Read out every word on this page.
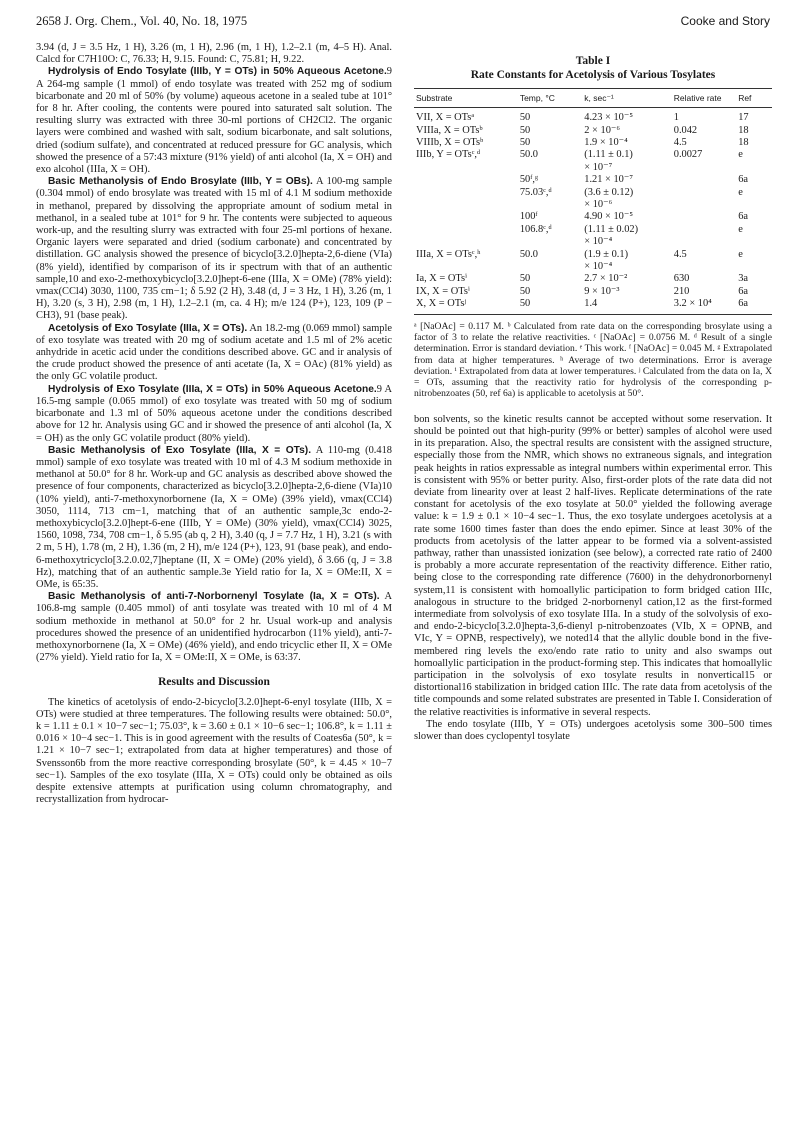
2658 J. Org. Chem., Vol. 40, No. 18, 1975	Cooke and Story

3.94 (d, J = 3.5 Hz, 1 H), 3.26 (m, 1 H), 2.96 (m, 1 H), 1.2–2.1 (m, 4–5 H). Anal. Calcd for C7H10O: C, 76.33; H, 9.15. Found: C, 75.81; H, 9.22.

Hydrolysis of Endo Tosylate (IIIb, Y = OTs) in 50% Aqueous Acetone.9 A 264-mg sample (1 mmol) of endo tosylate was treated with 252 mg of sodium bicarbonate and 20 ml of 50% (by volume) aqueous acetone in a sealed tube at 101° for 8 hr. After cooling, the contents were poured into saturated salt solution. The resulting slurry was extracted with three 30-ml portions of CH2Cl2. The organic layers were combined and washed with salt, sodium bicarbonate, and salt solutions, dried (sodium sulfate), and concentrated at reduced pressure for GC analysis, which showed the presence of a 57:43 mixture (91% yield) of anti alcohol (Ia, X = OH) and exo alcohol (IIIa, X = OH).

Basic Methanolysis of Endo Brosylate (IIIb, Y = OBs). A 100-mg sample (0.304 mmol) of endo brosylate was treated with 15 ml of 4.1 M sodium methoxide in methanol, prepared by dissolving the appropriate amount of sodium metal in methanol, in a sealed tube at 101° for 9 hr. The contents were subjected to aqueous work-up, and the resulting slurry was extracted with four 25-ml portions of hexane. Organic layers were separated and dried (sodium carbonate) and concentrated by distillation. GC analysis showed the presence of bicyclo[3.2.0]hepta-2,6-diene (VIa) (8% yield), identified by comparison of its ir spectrum with that of an authentic sample,10 and exo-2-methoxybicyclo[3.2.0]hept-6-ene (IIIa, X = OMe) (78% yield): νmax(CCl4) 3030, 1100, 735 cm−1; δ 5.92 (2 H), 3.48 (d, J = 3 Hz, 1 H), 3.26 (m, 1 H), 3.20 (s, 3 H), 2.98 (m, 1 H), 1.2–2.1 (m, ca. 4 H); m/e 124 (P+), 123, 109 (P − CH3), 91 (base peak).

Acetolysis of Exo Tosylate (IIIa, X = OTs). An 18.2-mg (0.069 mmol) sample of exo tosylate was treated with 20 mg of sodium acetate and 1.5 ml of 2% acetic anhydride in acetic acid under the conditions described above. GC and ir analysis of the crude product showed the presence of anti acetate (Ia, X = OAc) (81% yield) as the only GC volatile product.

Hydrolysis of Exo Tosylate (IIIa, X = OTs) in 50% Aqueous Acetone.9 A 16.5-mg sample (0.065 mmol) of exo tosylate was treated with 50 mg of sodium bicarbonate and 1.3 ml of 50% aqueous acetone under the conditions described above for 12 hr. Analysis using GC and ir showed the presence of anti alcohol (Ia, X = OH) as the only GC volatile product (80% yield).

Basic Methanolysis of Exo Tosylate (IIIa, X = OTs). A 110-mg (0.418 mmol) sample of exo tosylate was treated with 10 ml of 4.3 M sodium methoxide in methanol at 50.0° for 8 hr. Work-up and GC analysis as described above showed the presence of four components, characterized as bicyclo[3.2.0]hepta-2,6-diene (VIa)10 (10% yield), anti-7-methoxynorbornene (Ia, X = OMe) (39% yield), νmax(CCl4) 3050, 1114, 713 cm−1, matching that of an authentic sample,3c endo-2-methoxybicyclo[3.2.0]hept-6-ene (IIIb, Y = OMe) (30% yield), νmax(CCl4) 3025, 1560, 1098, 734, 708 cm−1, δ 5.95 (ab q, 2 H), 3.40 (q, J = 7.7 Hz, 1 H), 3.21 (s with 2 m, 5 H), 1.78 (m, 2 H), 1.36 (m, 2 H), m/e 124 (P+), 123, 91 (base peak), and endo-6-methoxytricyclo[3.2.0.02,7]heptane (II, X = OMe) (20% yield), δ 3.66 (q, J = 3.8 Hz), matching that of an authentic sample.3e Yield ratio for Ia, X = OMe:II, X = OMe, is 65:35.

Basic Methanolysis of anti-7-Norbornenyl Tosylate (Ia, X = OTs). A 106.8-mg sample (0.405 mmol) of anti tosylate was treated with 10 ml of 4 M sodium methoxide in methanol at 50.0° for 2 hr. Usual work-up and analysis procedures showed the presence of an unidentified hydrocarbon (11% yield), anti-7-methoxynorbornene (Ia, X = OMe) (46% yield), and endo tricyclic ether II, X = OMe (27% yield). Yield ratio for Ia, X = OMe:II, X = OMe, is 63:37.

Results and Discussion

The kinetics of acetolysis of endo-2-bicyclo[3.2.0]hept-6-enyl tosylate (IIIb, X = OTs) were studied at three temperatures. The following results were obtained: 50.0°, k = 1.11 ± 0.1 × 10−7 sec−1; 75.03°, k = 3.60 ± 0.1 × 10−6 sec−1; 106.8°, k = 1.11 ± 0.016 × 10−4 sec−1. This is in good agreement with the results of Coates6a (50°, k = 1.21 × 10−7 sec−1; extrapolated from data at higher temperatures) and those of Svensson6b from the more reactive corresponding brosylate (50°, k = 4.45 × 10−7 sec−1). Samples of the exo tosylate (IIIa, X = OTs) could only be obtained as oils despite extensive attempts at purification using column chromatography, and recrystallization from hydrocar-

Table I
Rate Constants for Acetolysis of Various Tosylates
Substrate	Temp, °C	k, sec⁻¹	Relative rate	Ref
VII, X = OTsᵃ	50	4.23 × 10⁻⁵	1	17
VIIIa, X = OTsᵇ	50	2 × 10⁻⁶	0.042	18
VIIIb, X = OTsᵇ	50	1.9 × 10⁻⁴	4.5	18
IIIb, Y = OTsᶜ,ᵈ	50.0	(1.11 ± 0.1)	0.0027	e
		× 10⁻⁷		
	50ᶠ,ᵍ	1.21 × 10⁻⁷		6a
	75.03ᶜ,ᵈ	(3.6 ± 0.12)		e
		× 10⁻⁶		
	100ᶠ	4.90 × 10⁻⁵		6a
	106.8ᶜ,ᵈ	(1.11 ± 0.02)		e
		× 10⁻⁴		
IIIa, X = OTsᶜ,ʰ	50.0	(1.9 ± 0.1)	4.5	e
		× 10⁻⁴		
Ia, X = OTsⁱ	50	2.7 × 10⁻²	630	3a
IX, X = OTsⁱ	50	9 × 10⁻³	210	6a
X, X = OTsʲ	50	1.4	3.2 × 10⁴	6a
ᵃ [NaOAc] = 0.117 M. ᵇ Calculated from rate data on the corresponding brosylate using a factor of 3 to relate the relative reactivities. ᶜ [NaOAc] = 0.0756 M. ᵈ Result of a single determination. Error is standard deviation. ᵉ This work. ᶠ [NaOAc] = 0.045 M. ᵍ Extrapolated from data at higher temperatures. ʰ Average of two determinations. Error is average deviation. ⁱ Extrapolated from data at lower temperatures. ʲ Calculated from the data on Ia, X = OTs, assuming that the reactivity ratio for hydrolysis of the corresponding p-nitrobenzoates (50, ref 6a) is applicable to acetolysis at 50°.

bon solvents, so the kinetic results cannot be accepted without some reservation. It should be pointed out that high-purity (99% or better) samples of alcohol were used in its preparation. Also, the spectral results are consistent with the assigned structure, especially those from the NMR, which shows no extraneous signals, and integration peak heights in ratios expressable as integral numbers within experimental error. This is consistent with 95% or better purity. Also, first-order plots of the rate data did not deviate from linearity over at least 2 half-lives. Replicate determinations of the rate constant for acetolysis of the exo tosylate at 50.0° yielded the following average value: k = 1.9 ± 0.1 × 10−4 sec−1. Thus, the exo tosylate undergoes acetolysis at a rate some 1600 times faster than does the endo epimer. Since at least 30% of the products from acetolysis of the latter appear to be formed via a solvent-assisted pathway, rather than unassisted ionization (see below), a corrected rate ratio of 2400 is probably a more accurate representation of the reactivity difference. Either ratio, being close to the corresponding rate difference (7600) in the dehydronorbornenyl system,11 is consistent with homoallylic participation to form bridged cation IIIc, analogous in structure to the bridged 2-norbornenyl cation,12 as the first-formed intermediate from solvolysis of exo tosylate IIIa. In a study of the solvolysis of exo- and endo-2-bicyclo[3.2.0]hepta-3,6-dienyl p-nitrobenzoates (VIb, X = OPNB, and VIc, Y = OPNB, respectively), we noted14 that the allylic double bond in the five-membered ring levels the exo/endo rate ratio to unity and also swamps out homoallylic participation in the product-forming step. This indicates that homoallylic participation in the solvolysis of exo tosylate results in nonvertical15 or distortional16 stabilization in bridged cation IIIc. The rate data from acetolysis of the title compounds and some related substrates are presented in Table I. Consideration of the relative reactivities is informative in several respects.

The endo tosylate (IIIb, Y = OTs) undergoes acetolysis some 300–500 times slower than does cyclopentyl tosylate
